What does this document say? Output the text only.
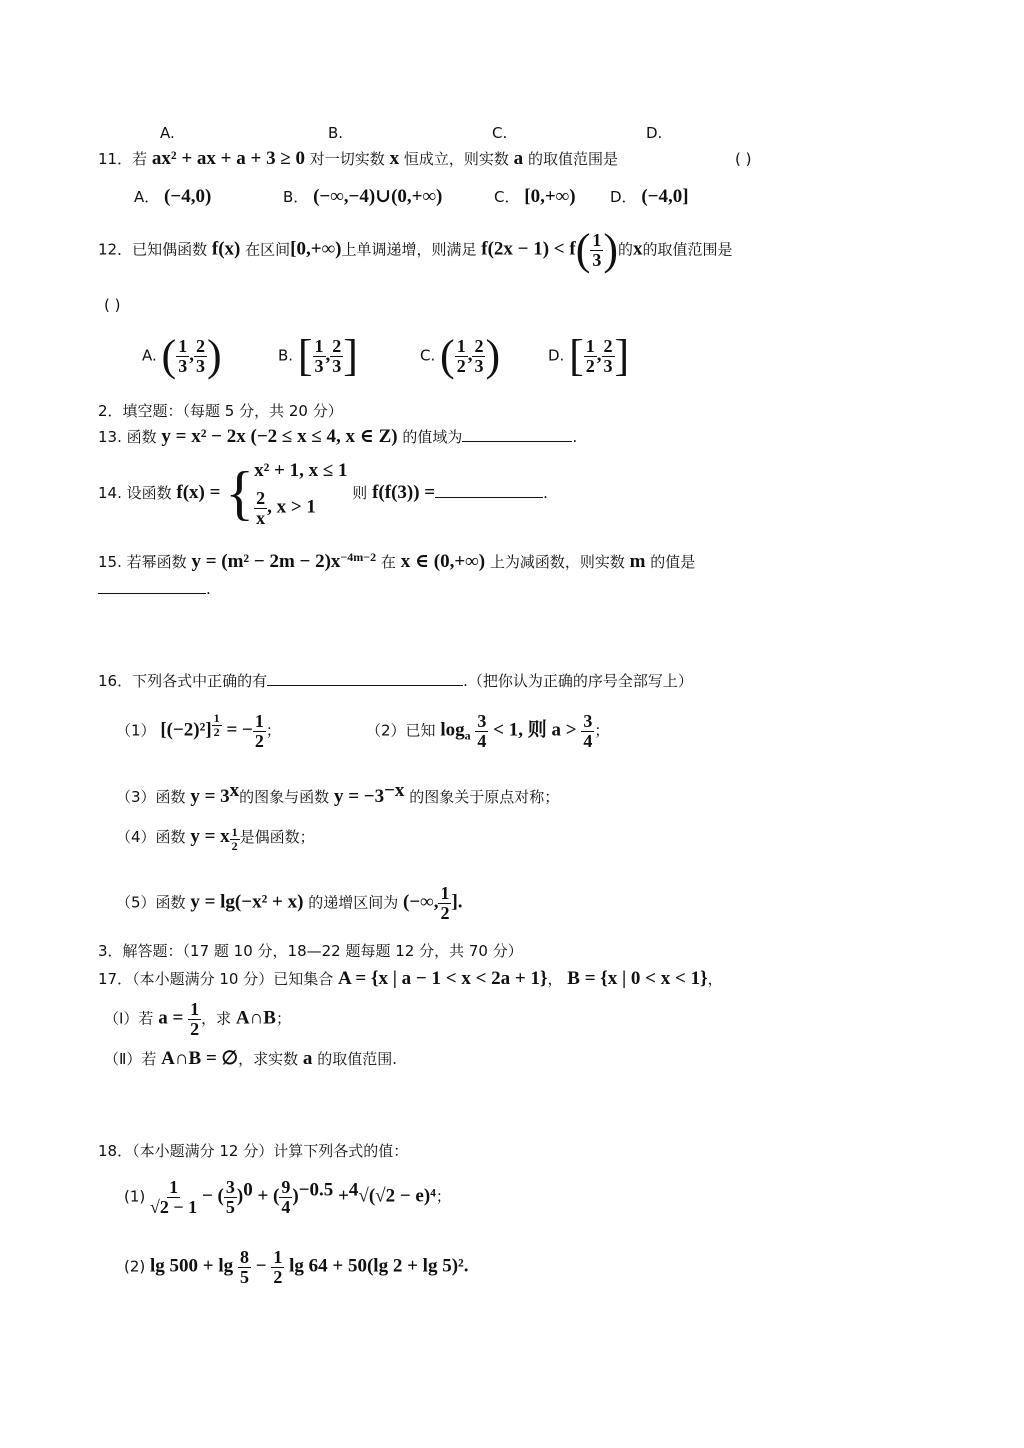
A.	B.	C.	D.
11．若 ax² + ax + a + 3 ≥ 0 对一切实数 x 恒成立，则实数 a 的取值范围是	( )
A． (−4,0)	B． (−∞,−4)∪(0,+∞)	C． [0,+∞) D． (−4,0]
12．已知偶函数 f(x) 在区间[0,+∞)上单调递增，则满足 $f(2x - 1) < f( \frac{1}{3}$ )的x的取值范围是
( )
A. ( $\frac{1}{3}$ , $\frac{2}{3}$ )	B. [ $\frac{1}{3}$ , $\frac{2}{3}$ ]	C. ( $\frac{1}{2}$ , $\frac{2}{3}$ )	D. [ $\frac{1}{2}$ , $\frac{2}{3}$ ]
2．填空题：（每题 5 分，共 20 分）
13. 函数 y = x² − 2x (−2 ≤ x ≤ 4, x ∈ Z) 的值域为	.
14. 设函数 f(x) = { x² + 1, x ≤ 1
$\frac{2}{x}$ , x > 1
则 f(f(3)) =	.
15. 若幂函数 $y = (m^2 - 2m - 2)x^{-4m-2}$ 在 x ∈ (0,+∞) 上为减函数，则实数 m 的值是
.
16．下列各式中正确的有	.（把你认为正确的序号全部写上）
（1） [(−2)²]
1
2 = − $\frac{1}{2}$ ；	（2）已知 $\log_a \frac{3}{4} < 1$, 则 $a > \frac{3}{4}$ ；
（3）函数 $y = 3^x$的图象与函数 $y = -3^{-x}$ 的图象关于原点对称；
（4）函数 y = x 1
2 是偶函数；
（5）函数 y = lg(−x² + x) 的递增区间为 (−∞, $\frac{1}{2}$ ].
3．解答题：（17 题 10 分，18—22 题每题 12 分，共 70 分）
17．（本小题满分 10 分）已知集合 A = {x | a − 1 < x < 2a + 1}， B = {x | 0 < x < 1}，
（Ⅰ）若 $a = \frac{1}{2}$ ，求 A∩B；
（Ⅱ）若 A∩B = ∅，求实数 a 的取值范围.
18．（本小题满分 12 分）计算下列各式的值：
$(1) \frac{1}{√2 - 1}$ − ( $\frac{3}{5} )^0$ + ( $\frac{9}{4} )^{-0.5} +^4√(√2 - e)^4$；
(2) $\lg 500 + \lg \frac{8}{5} - \frac{1}{2}$ lg 64 + 50(lg 2 + lg 5)².
